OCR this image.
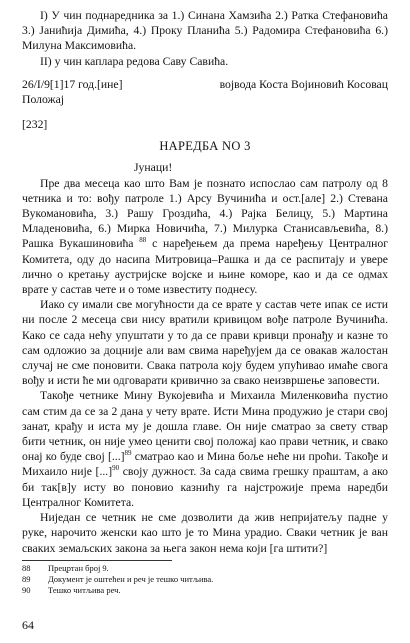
I) У чин поднаредника за 1.) Синана Хамзића 2.) Ратка Стефановића 3.) Јанићија Димића, 4.) Проку Планића 5.) Радомира Стефановића 6.) Милуна Максимовића.

II) у чин каплара редова Саву Савића.

26/I/9[1]17 год.[ине]	војвода Коста Војиновић Косовац
Положај
[232]
НАРЕДБА NO 3
Јунаци!

Пре два месеца као што Вам је познато испослао сам патролу од 8 четника и то: вођу патроле 1.) Арсу Вучинића и ост.[але] 2.) Стевана Вукомановића, 3.) Рашу Гроздића, 4.) Рајка Белицу, 5.) Мартина Младеновића, 6.) Мирка Новичића, 7.) Милурка Станисављевића, 8.) Рашка Вукашиновића $^{88}$ с наређењем да према наређењу Централног Комитета, оду до насипа Митровица–Рашка и да се распитају и увере лично о кретању аустријске војске и њине коморе, као и да се одмах врате у састав чете и о томе известиту поднесу.

Иако су имали све могућности да се врате у састав чете ипак се исти ни после 2 месеца сви нису вратили кривицом вође патроле Вучинића. Како се сада нећу упуштати у то да се прави кривци пронађу и казне то сам одложио за доцније али вам свима наређујем да се овакав жалостан случај не сме поновити. Свака патрола коју будем упућивао имаће свога вођу и исти ће ми одговарати кривично за свако неизвршење заповести.

Такође четнике Мину Вукојевића и Михаила Миленковића пустио сам стим да се за 2 дана у чету врате. Исти Мина продужио је стари свој занат, крађу и иста му је дошла главе. Он није сматрао за свету ствар бити четник, он није умео ценити свој положај као прави четник, и свако онај ко буде свој [...]$^{89}$ сматрао као и Мина боље неће ни проћи. Такође и Михаило није [...]$^{90}$ своју дужност. За сада свима грешку праштам, а ако би так[в]у исту во поновио казнићу га најстрожије према наредби Централног Комитета.

Ниједан се четник не сме дозволити да жив непријатељу падне у руке, нарочито женски као што је то Мина урадио. Сваки четник је ван сваких земаљских закона за њега закон нема који [га штити?]

88	Прецртан број 9.
89	Документ је оштећен и реч је тешко читљива.
90	Тешко читљива реч.
64
